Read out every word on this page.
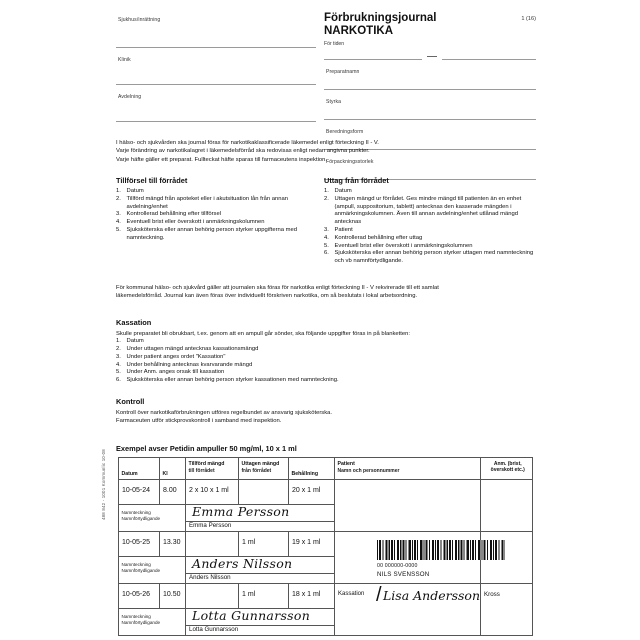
Sjukhus/inrättning
Klinik
Avdelning
1 (16)
Förbrukningsjournal
NARKOTIKA
För tiden
Preparatnamn
Styrka
Beredningsform
Förpackningsstorlek
I hälso- och sjukvården ska journal föras för narkotikaklassificerade läkemedel enligt förteckning II - V.
Varje förändring av narkotikalagret i läkemedelsförråd ska redovisas enligt nedan angivna punkter.
Varje häfte gäller ett preparat. Fullteckat häfte sparas till farmaceutens inspektion.
Tillförsel till förrådet
1. Datum
2. Tillförd mängd från apoteket eller i akutsituation lån från annan avdelning/enhet
3. Kontrollerad behållning efter tillförsel
4. Eventuell brist eller överskott i anmärkningskolumnen
5. Sjuksköterska eller annan behörig person styrker uppgifterna med namnteckning.
Uttag från förrådet
1. Datum
2. Uttagen mängd ur förrådet. Ges mindre mängd till patienten än en enhet (ampull, suppositorium, tablett) antecknas den kasserade mängden i anmärkningskolumnen. Även till annan avdelning/enhet utlånad mängd antecknas
3. Patient
4. Kontrollerad behållning efter uttag
5. Eventuell brist eller överskott i anmärkningskolumnen
6. Sjuksköterska eller annan behörig person styrker uttagen med namnteckning och vb namnförtydligande.
För kommunal hälso- och sjukvård gäller att journalen ska föras för narkotika enligt förteckning II - V rekvirerade till ett samlat
läkemedelsförråd. Journal kan även föras över individuellt förskriven narkotika, om så beslutats i lokal arbetsordning.
Kassation
Skulle preparatet bli obrukbart, t.ex. genom att en ampull går sönder, ska följande uppgifter föras in på blanketten:
1. Datum
2. Under uttagen mängd antecknas kassationsmängd
3. Under patient anges ordet "Kassation"
4. Under behållning antecknas kvarvarande mängd
5. Under Anm. anges orsak till kassation
6. Sjuksköterska eller annan behörig person styrker kassationen med namnteckning.
Kontroll
Kontroll över narkotikaförbrukningen utföres regelbundet av ansvarig sjuksköterska.
Farmaceuten utför stickprovskontroll i samband med inspektion.
Exempel avser Petidin ampuller 50 mg/ml, 10 x 1 ml
Datum	Kl	Tillförd mängd
till förrådet	Uttagen mängd
från förrådet	Behållning	Patient
Namn och personnummer	Anm. (brist, överskott etc.)

10-05-24	8.00	2 x 10 x 1 ml		20 x 1 ml		

Namnteckning
Namnförtydligande		Emma Persson
Emma Persson				

10-05-25	13.30		1 ml	19 x 1 ml	00 000000-0000
NILS SVENSSON	

Namnteckning
Namnförtydligande		Anders Nilsson
Anders Nilsson				

10-05-26	10.50		1 ml	18 x 1 ml	Kassation / Lisa Andersson	Kross

Namnteckning
Namnförtydligande		Lotta Gunnarsson
Lotta Gunnarsson				
488 842 - 1001 Kommunlic 10-08
